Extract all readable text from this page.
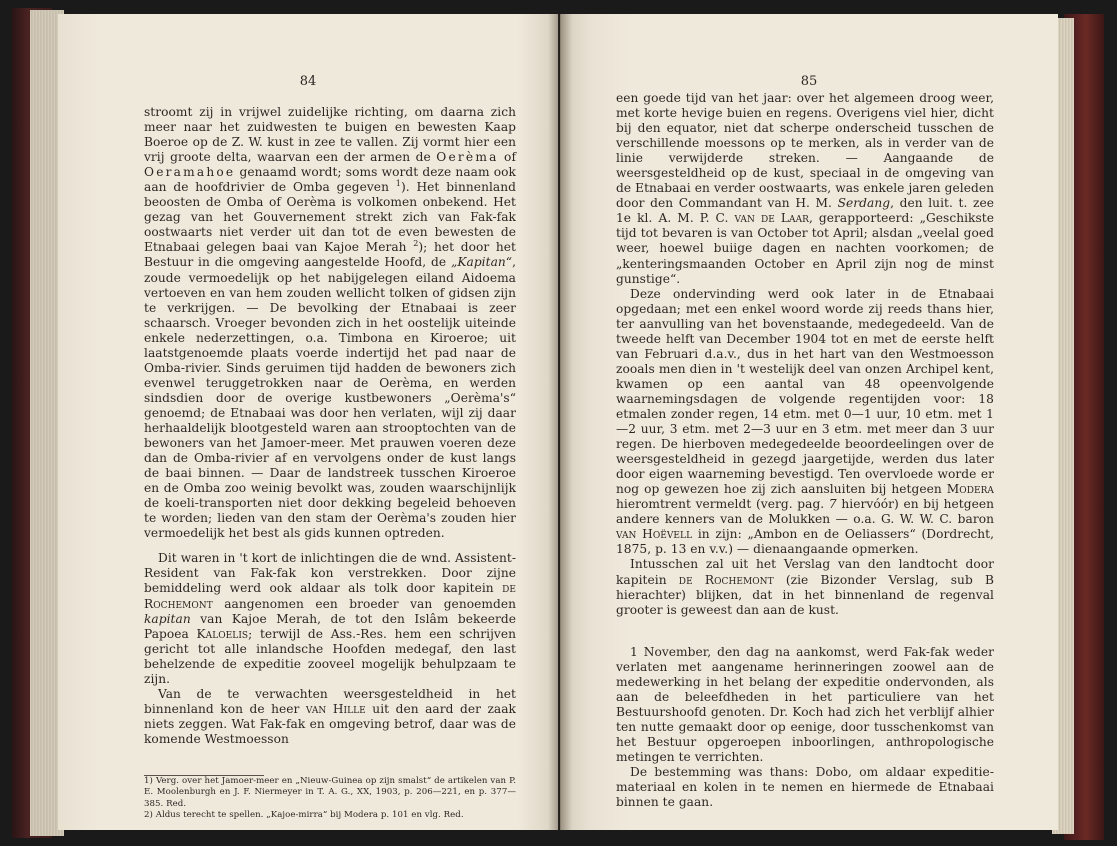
84

stroomt zij in vrijwel zuidelijke richting, om daarna zich meer naar het zuidwesten te buigen en bewesten Kaap Boeroe op de Z. W. kust in zee te vallen. Zij vormt hier een vrij groote delta, waarvan een der armen de Oerèma of Oeramahoe genaamd wordt; soms wordt deze naam ook aan de hoofdrivier de Omba gegeven $^1$). Het binnenland beoosten de Omba of Oerèma is volkomen onbekend. Het gezag van het Gouvernement strekt zich van Fak-fak oostwaarts niet verder uit dan tot de even bewesten de Etnabaai gelegen baai van Kajoe Merah $^2$); het door het Bestuur in die omgeving aangestelde Hoofd, de „Kapitan“, zoude vermoedelijk op het nabijgelegen eiland Aidoema vertoeven en van hem zouden wellicht tolken of gidsen zijn te verkrijgen. — De bevolking der Etnabaai is zeer schaarsch. Vroeger bevonden zich in het oostelijk uiteinde enkele nederzettingen, o.a. Timbona en Kiroeroe; uit laatstgenoemde plaats voerde indertijd het pad naar de Omba-rivier. Sinds geruimen tijd hadden de bewoners zich evenwel teruggetrokken naar de Oerèma, en werden sindsdien door de overige kustbewoners „Oerèma's“ genoemd; de Etnabaai was door hen verlaten, wijl zij daar herhaaldelijk blootgesteld waren aan strooptochten van de bewoners van het Jamoer-meer. Met prauwen voeren deze dan de Omba-rivier af en vervolgens onder de kust langs de baai binnen. — Daar de landstreek tusschen Kiroeroe en de Omba zoo weinig bevolkt was, zouden waarschijnlijk de koeli-transporten niet door dekking begeleid behoeven te worden; lieden van den stam der Oerèma's zouden hier vermoedelijk het best als gids kunnen optreden.

Dit waren in 't kort de inlichtingen die de wnd. Assistent-Resident van Fak-fak kon verstrekken. Door zijne bemiddeling werd ook aldaar als tolk door kapitein de Rochemont aangenomen een broeder van genoemden kapitan van Kajoe Merah, de tot den Islâm bekeerde Papoea Kaloelis; terwijl de Ass.-Res. hem een schrijven gericht tot alle inlandsche Hoofden medegaf, den last behelzende de expeditie zooveel mogelijk behulpzaam te zijn.

Van de te verwachten weersgesteldheid in het binnenland kon de heer van Hille uit den aard der zaak niets zeggen. Wat Fak-fak en omgeving betrof, daar was de komende Westmoesson

1) Verg. over het Jamoer-meer en „Nieuw-Guinea op zijn smalst“ de artikelen van P. E. Moolenburgh en J. F. Niermeyer in T. A. G., XX, 1903, p. 206—221, en p. 377—385. Red.

2) Aldus terecht te spellen. „Kajoe-mirra“ bij Modera p. 101 en vlg. Red.

85

een goede tijd van het jaar: over het algemeen droog weer, met korte hevige buien en regens. Overigens viel hier, dicht bij den equator, niet dat scherpe onderscheid tusschen de verschillende moessons op te merken, als in verder van de linie verwijderde streken. — Aangaande de weersgesteldheid op de kust, speciaal in de omgeving van de Etnabaai en verder oostwaarts, was enkele jaren geleden door den Commandant van H. M. Serdang, den luit. t. zee 1e kl. A. M. P. C. van de Laar, gerapporteerd: „Geschikste tijd tot bevaren is van October tot April; alsdan „veelal goed weer, hoewel buiige dagen en nachten voorkomen; de „kenteringsmaanden October en April zijn nog de minst gunstige“.

Deze ondervinding werd ook later in de Etnabaai opgedaan; met een enkel woord worde zij reeds thans hier, ter aanvulling van het bovenstaande, medegedeeld. Van de tweede helft van December 1904 tot en met de eerste helft van Februari d.a.v., dus in het hart van den Westmoesson zooals men dien in 't westelijk deel van onzen Archipel kent, kwamen op een aantal van 48 opeenvolgende waarnemingsdagen de volgende regentijden voor: 18 etmalen zonder regen, 14 etm. met 0—1 uur, 10 etm. met 1—2 uur, 3 etm. met 2—3 uur en 3 etm. met meer dan 3 uur regen. De hierboven medegedeelde beoordeelingen over de weersgesteldheid in gezegd jaargetijde, werden dus later door eigen waarneming bevestigd. Ten overvloede worde er nog op gewezen hoe zij zich aansluiten bij hetgeen Modera hieromtrent vermeldt (verg. pag. 7 hiervóór) en bij hetgeen andere kenners van de Molukken — o.a. G. W. W. C. baron van Hoëvell in zijn: „Ambon en de Oeliassers“ (Dordrecht, 1875, p. 13 en v.v.) — dienaangaande opmerken.

Intusschen zal uit het Verslag van den landtocht door kapitein de Rochemont (zie Bizonder Verslag, sub B hierachter) blijken, dat in het binnenland de regenval grooter is geweest dan aan de kust.

1 November, den dag na aankomst, werd Fak-fak weder verlaten met aangename herinneringen zoowel aan de medewerking in het belang der expeditie ondervonden, als aan de beleefdheden in het particuliere van het Bestuurshoofd genoten. Dr. Koch had zich het verblijf alhier ten nutte gemaakt door op eenige, door tusschenkomst van het Bestuur opgeroepen inboorlingen, anthropologische metingen te verrichten.

De bestemming was thans: Dobo, om aldaar expeditie-materiaal en kolen in te nemen en hiermede de Etnabaai binnen te gaan.
